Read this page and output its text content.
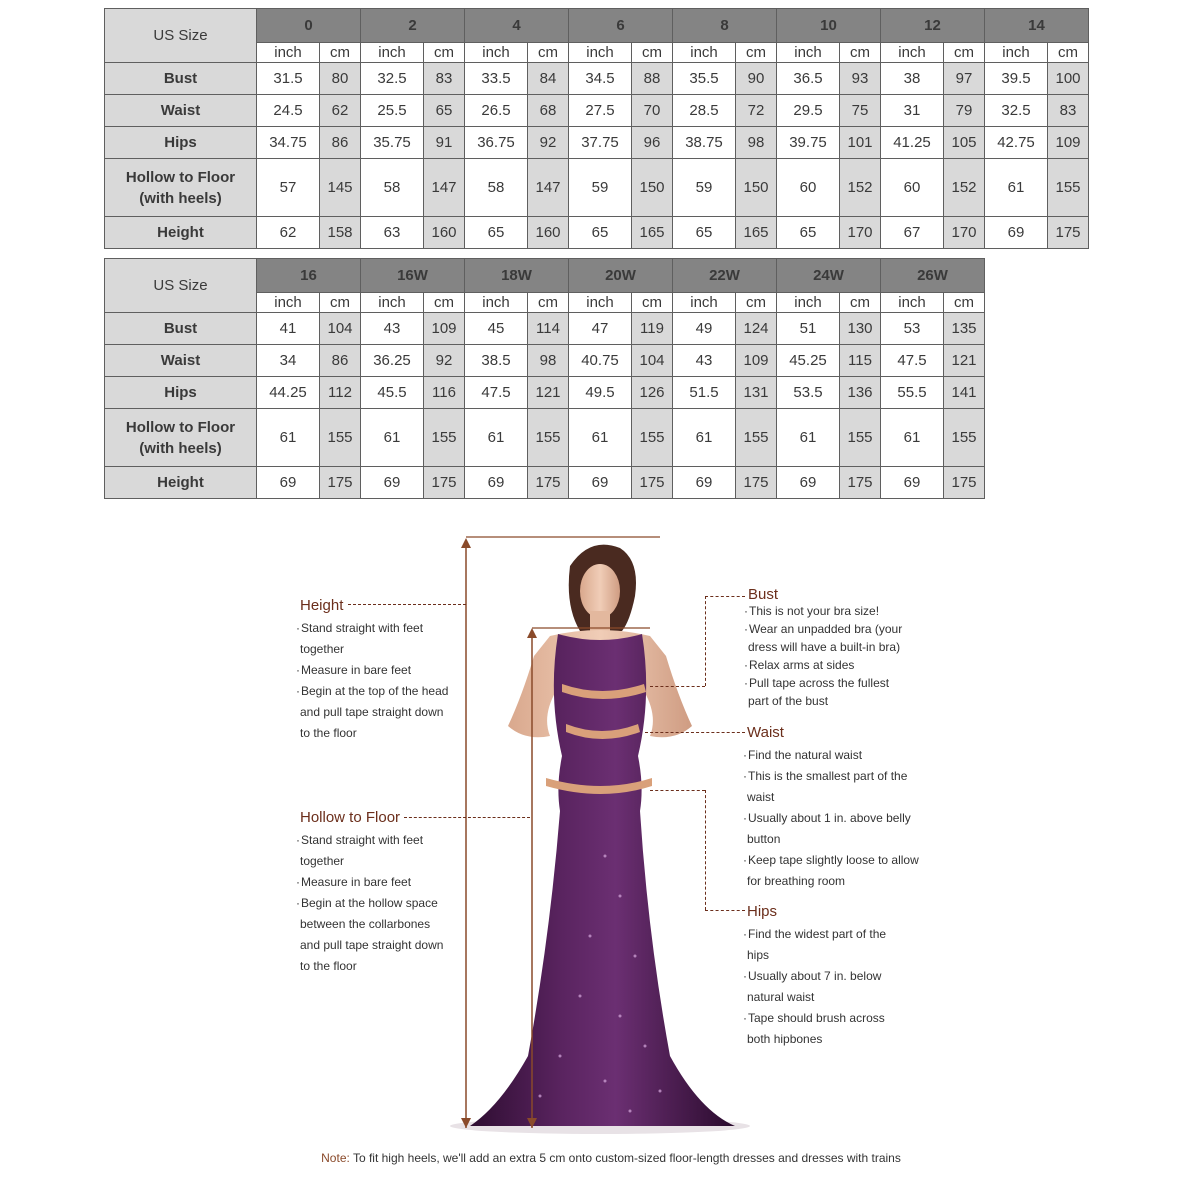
US Size	0		2		4		6		8		10		12		14	
	inch	cm	inch	cm	inch	cm	inch	cm	inch	cm	inch	cm	inch	cm	inch	cm
Bust	31.5	80	32.5	83	33.5	84	34.5	88	35.5	90	36.5	93	38	97	39.5	100
Waist	24.5	62	25.5	65	26.5	68	27.5	70	28.5	72	29.5	75	31	79	32.5	83
Hips	34.75	86	35.75	91	36.75	92	37.75	96	38.75	98	39.75	101	41.25	105	42.75	109
Hollow to Floor
(with heels)	57	145	58	147	58	147	59	150	59	150	60	152	60	152	61	155
Height	62	158	63	160	65	160	65	165	65	165	65	170	67	170	69	175
US Size	16		16W		18W		20W		22W		24W		26W	
	inch	cm	inch	cm	inch	cm	inch	cm	inch	cm	inch	cm	inch	cm
Bust	41	104	43	109	45	114	47	119	49	124	51	130	53	135
Waist	34	86	36.25	92	38.5	98	40.75	104	43	109	45.25	115	47.5	121
Hips	44.25	112	45.5	116	47.5	121	49.5	126	51.5	131	53.5	136	55.5	141
Hollow to Floor
(with heels)	61	155	61	155	61	155	61	155	61	155	61	155	61	155
Height	69	175	69	175	69	175	69	175	69	175	69	175	69	175
Height
· Stand straight with feet
together
· Measure in bare feet
· Begin at the top of the head
and pull tape straight down
to the floor
Hollow to Floor
· Stand straight with feet
together
· Measure in bare feet
· Begin at the hollow space
between the collarbones
and pull tape straight down
to the floor
Bust
· This is not your bra size!
· Wear an unpadded bra (your
dress will have a built-in bra)
· Relax arms at sides
· Pull tape across the fullest
part of the bust
Waist
· Find the natural waist
· This is the smallest part of the
waist
· Usually about 1 in. above belly
button
· Keep tape slightly loose to allow
for breathing room
Hips
· Find the widest part of the
hips
· Usually about 7 in. below
natural waist
· Tape should brush across
both hipbones
Note: To fit high heels, we'll add an extra 5 cm onto custom-sized floor-length dresses and dresses with trains
